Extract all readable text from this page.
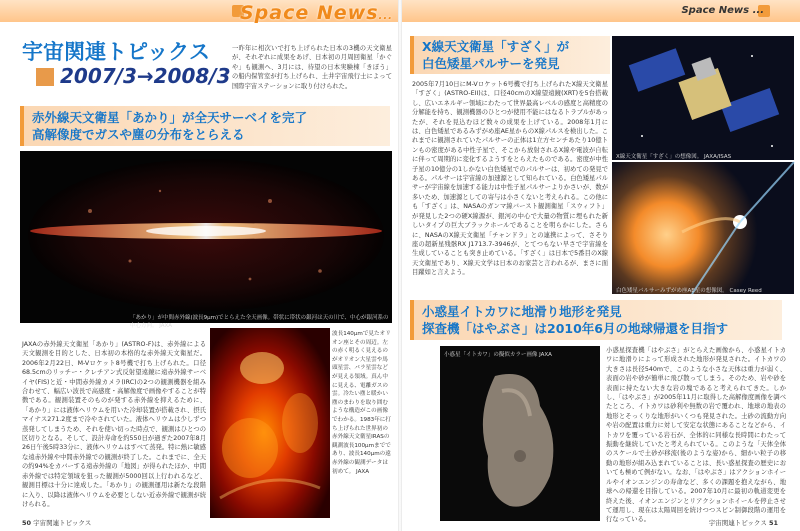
Space News...
Space News ...
宇宙関連トピックス
2007/3→2008/3
一昨年に相次いで打ち上げられた日本の3機の天文衛星が、それぞれに成果をあげ、日本初の月周回衛星「かぐや」も観測へ、3月には、待望の日本実験棟「きぼう」の船内保管室が打ち上げられ、土井宇宙飛行士によって国際宇宙ステーションに取り付けられた。
赤外線天文衛星「あかり」が全天サーベイを完了
高解像度でガスや塵の分布をとらえる
「あかり」が中間赤外線(波長9μm)でとらえた全天画像。帯状に帯状の銀河は天の川で、中心が銀河系の中心方向。 JAXA
JAXAの赤外線天文衛星「あかり」(ASTRO-F)は、赤外線による天文観測を目的とした、日本初の本格的な赤外線天文衛星だ。2006年2月22日、M-Vロケット8号機で打ち上げられた。口径68.5cmのリッチー・クレチアン式反射望遠鏡に遠赤外線サーベイヤ(FIS)と近・中間赤外線カメラ(IRC)の2つの観測機器を組み合わせて、幅広い波長で高感度・高解像度で画像やすることが特徴である。観測装置そのものが発する赤外線を抑えるために、「あかり」には液体ヘリウムを用いた冷却装置が搭載され、摂氏マイナス271.2度まで冷やされていた。液体ヘリウムは少しずつ蒸発してしまうため、それを使い切った時点で、観測はひとつの区切りとなる。そして、設計寿命を約550日が過ぎた2007年8月26日午後5時33分に、液体ヘリウムはすべて蒸発。特に熱に敏感な遠赤外線や中間赤外線での観測が終了した。これまでに、全天の約94%をカバーする遠赤外線の「地図」が得られたほか、中間赤外線では特定領域を狙った観測が5000回以上行われるなど、観測目標は十分に達成した。「あかり」の観測運用は新たな段階に入り、以降は液体ヘリウムを必要としない近赤外線で観測が続けられる。
波長140μmで見たオリオン座とその周辺。左の赤く明るく見えるのがオリオン大星雲や馬頭星雲、バラ星雲などが見える領域。真ん中に見える、電離ガスの雲。冷たい塵と暖かい塵のまわりを取り囲むような構造がこの画像でわかる。1983年に打ち上げられた世界初の赤外線天文衛星IRASの観測波長100μmまでであり、波長140μmの遠赤外線の観測データは初めて。 JAXA
X線天文衛星「すざく」が
白色矮星パルサーを発見
2005年7月10日にM-Vロケット6号機で打ち上げられたX線天文衛星「すざく」(ASTRO-EII)は、口径40cmのX線望遠鏡(XRT)を5台搭載し、広いエネルギー領域にわたって世界最高レベルの感度と高精度の分解能を持ち、観測機器のひとつが使用不能にはなるトラブルがあったが、それを見込むほど数々の成果を上げている。2008年1月には、白色矮星であるみずがめ座AE星からのX線パルスを検出した。これまでに観測されていたパルサーの正体は1立方センチあたり10億トンもの密度がある中性子星で、そこから放射されるX線や電波が自転に伴って周期的に変化するようすをとらえたものである。密度が中性子星の10億分の1しかない白色矮星でのパルサーは、初めての発見である。パルサーは宇宙線の加速源として知られている。白色矮星パルサーが宇宙線を加速する能力は中性子星パルサーよりかさいが、数が多いため、加速源としての寄与は小さくないと考えられる。この他にも「すざく」は、NASAのガンマ線バースト観測衛星「スウィフト」が発見した2つの硬X線源が、銀河の中心で大量の物質に埋もれた新しいタイプの巨大ブラックホールであることを明らかにした。さらに、NASAのX線天文衛星「チャンドラ」との連携によって、さそり座の超新星残骸RX J1713.7-3946が、とてつもない早さで宇宙線を生成していることも突き止めている。「すざく」は日本で5番目のX線天文衛星であり、X線天文学は日本のお家芸と言われるが、まさに面目躍如と言えよう。
X線天文衛星「すざく」の想像図。 JAXA/ISAS
白色矮星パルサーみずがめ座AE星の想像図。 Casey Reed
小惑星イトカワに地滑り地形を発見
探査機「はやぶさ」は2010年6月の地球帰還を目指す
小惑星「イトカワ」の擬似カラー画像 JAXA
小惑星探査機「はやぶさ」がとらえた画像から、小惑星イトカワに地滑りによって形成された地形が発見された。イトカワの大きさは長径540mで、このような小さな天体は重力が弱く、表面の岩や砂が簡単に飛び散ってしまう。そのため、岩や砂を表面に持たない大きな岩の塊であると考えられてきた。しかし、「はやぶさ」が2005年11月に取得した高解像度画像を調べたところ、イトカワは砂利や無数の岩で覆われ、地球の地表の地形とそっくりな地形がいくつも発見された。土砂の流動方向や岩の配置は重力に対して安定な状態にあることなどから、イトカワを覆っている岩石が、全体的に同様な長時間にわたって振動を継続していたと考えられている。このような「天体全体のスケールで土砂が移流(後のような姿)から、細かい粒子の移動の地形が組み込まれていることは、長い惑星探査の歴史においても極めて例がない。なお、「はやぶさ」はアクションホイールやイオンエンジンの寿命など、多くの課題を抱えながら、地球への帰還を目指している。2007年10月に最初の軌道変更を終えた後、イオンエンジンとリアクションホイールを停止させて運用し、現在は太陽周回を続けつつスピン制御段階の運用を行なっている。
50 宇宙関連トピックス	宇宙関連トピックス 51
